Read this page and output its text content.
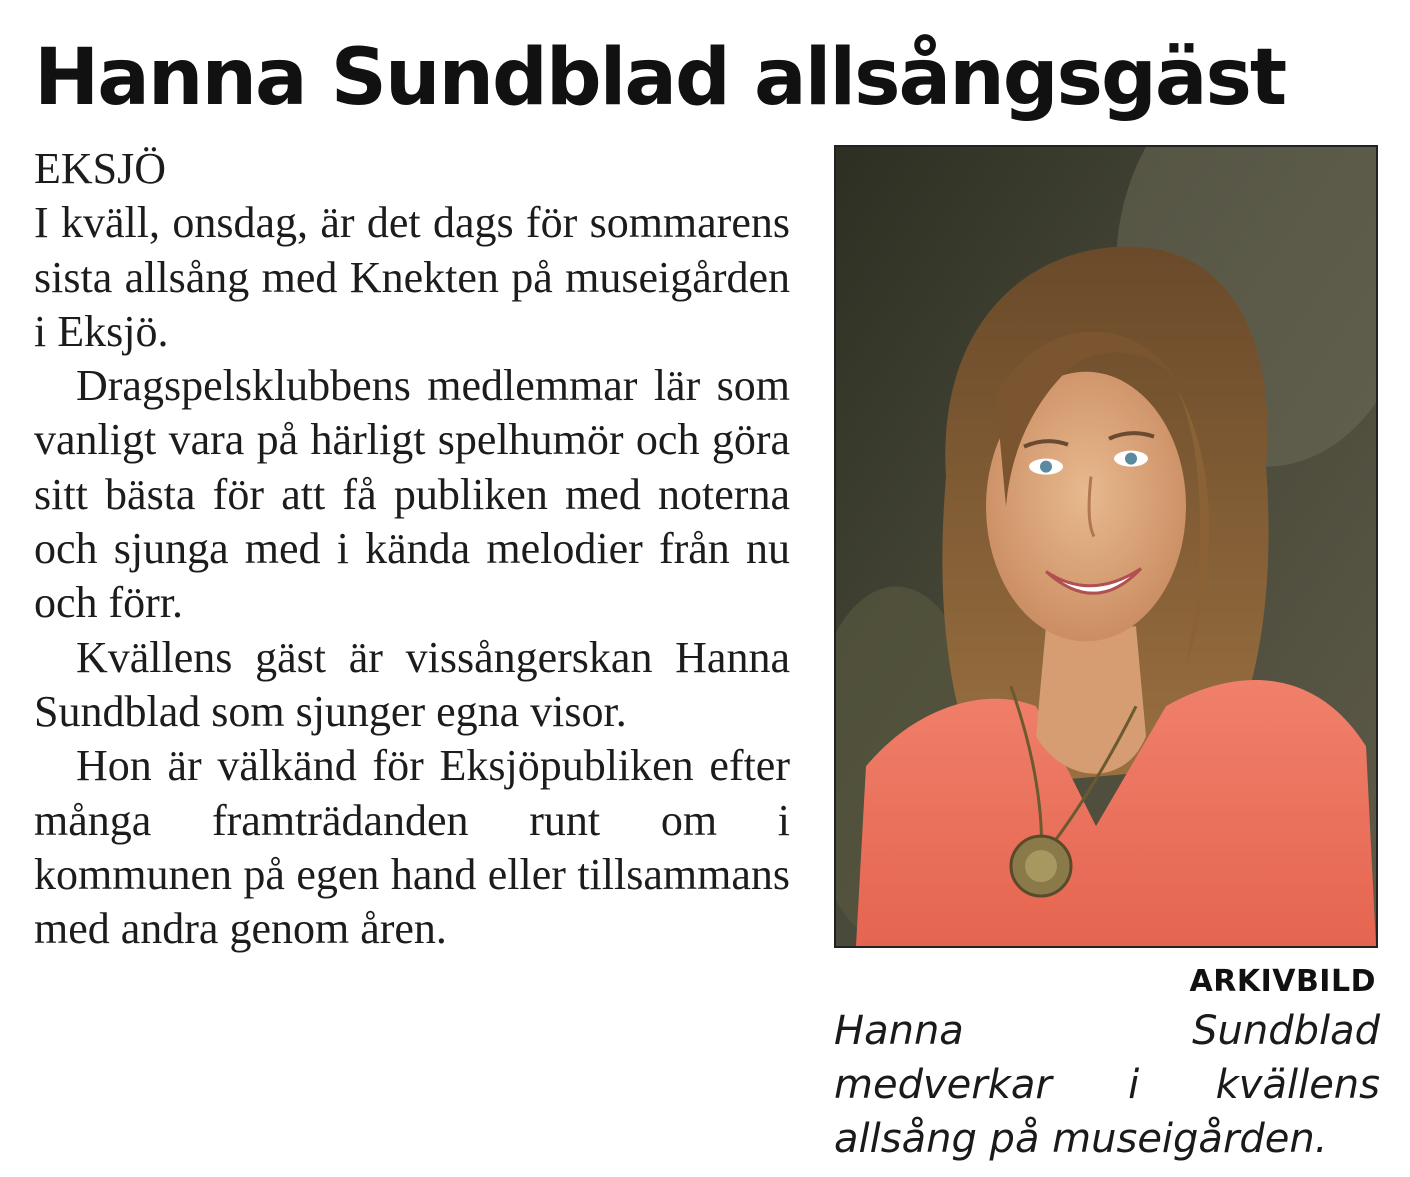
Hanna Sundblad allsångsgäst

EKSJÖ

I kväll, onsdag, är det dags för sommarens sista allsång med Knekten på museigården i Eksjö.

Dragspelsklubbens medlemmar lär som vanligt vara på härligt spelhumör och göra sitt bästa för att få publiken med noterna och sjunga med i kända melodier från nu och förr.

Kvällens gäst är vissångerskan Hanna Sundblad som sjunger egna visor.

Hon är välkänd för Eksjöpubliken efter många framträdanden runt om i kommunen på egen hand eller tillsammans med andra genom åren.

ARKIVBILD
Hanna Sundblad medverkar i kvällens allsång på museigården.
